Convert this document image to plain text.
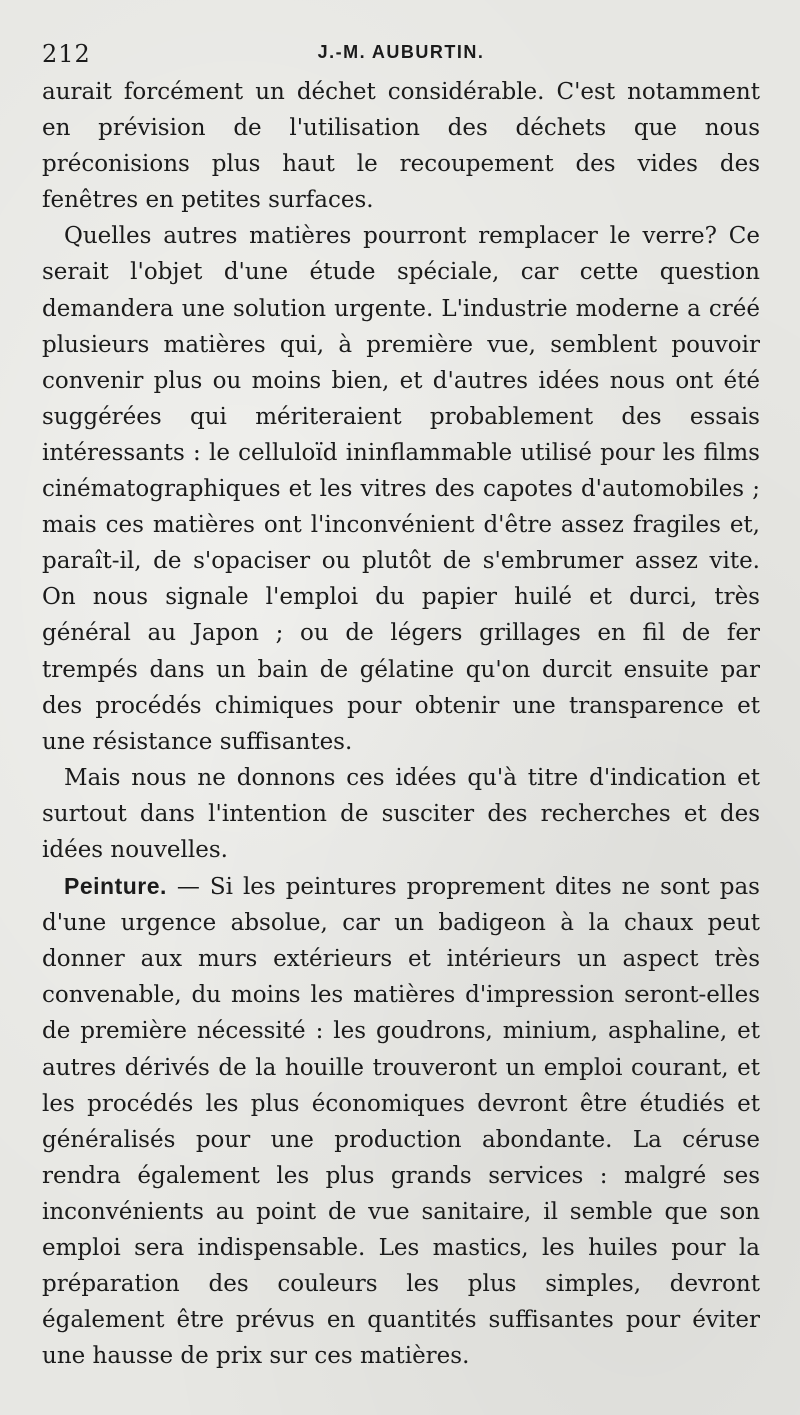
212	J.-M. AUBURTIN.

aurait forcément un déchet considérable. C'est notamment en prévision de l'utilisation des déchets que nous préconisions plus haut le recoupement des vides des fenêtres en petites surfaces.

Quelles autres matières pourront remplacer le verre? Ce serait l'objet d'une étude spéciale, car cette question demandera une solution urgente. L'industrie moderne a créé plusieurs matières qui, à première vue, semblent pouvoir convenir plus ou moins bien, et d'autres idées nous ont été suggérées qui mériteraient probablement des essais intéressants : le celluloïd ininflammable utilisé pour les films cinématographiques et les vitres des capotes d'automobiles ; mais ces matières ont l'inconvénient d'être assez fragiles et, paraît-il, de s'opaciser ou plutôt de s'embrumer assez vite. On nous signale l'emploi du papier huilé et durci, très général au Japon ; ou de légers grillages en fil de fer trempés dans un bain de gélatine qu'on durcit ensuite par des procédés chimiques pour obtenir une transparence et une résistance suffisantes.

Mais nous ne donnons ces idées qu'à titre d'indication et surtout dans l'intention de susciter des recherches et des idées nouvelles.

Peinture. — Si les peintures proprement dites ne sont pas d'une urgence absolue, car un badigeon à la chaux peut donner aux murs extérieurs et intérieurs un aspect très convenable, du moins les matières d'impression seront-elles de première nécessité : les goudrons, minium, asphaline, et autres dérivés de la houille trouveront un emploi courant, et les procédés les plus économiques devront être étudiés et généralisés pour une production abondante. La céruse rendra également les plus grands services : malgré ses inconvénients au point de vue sanitaire, il semble que son emploi sera indispensable. Les mastics, les huiles pour la préparation des couleurs les plus simples, devront également être prévus en quantités suffisantes pour éviter une hausse de prix sur ces matières.
